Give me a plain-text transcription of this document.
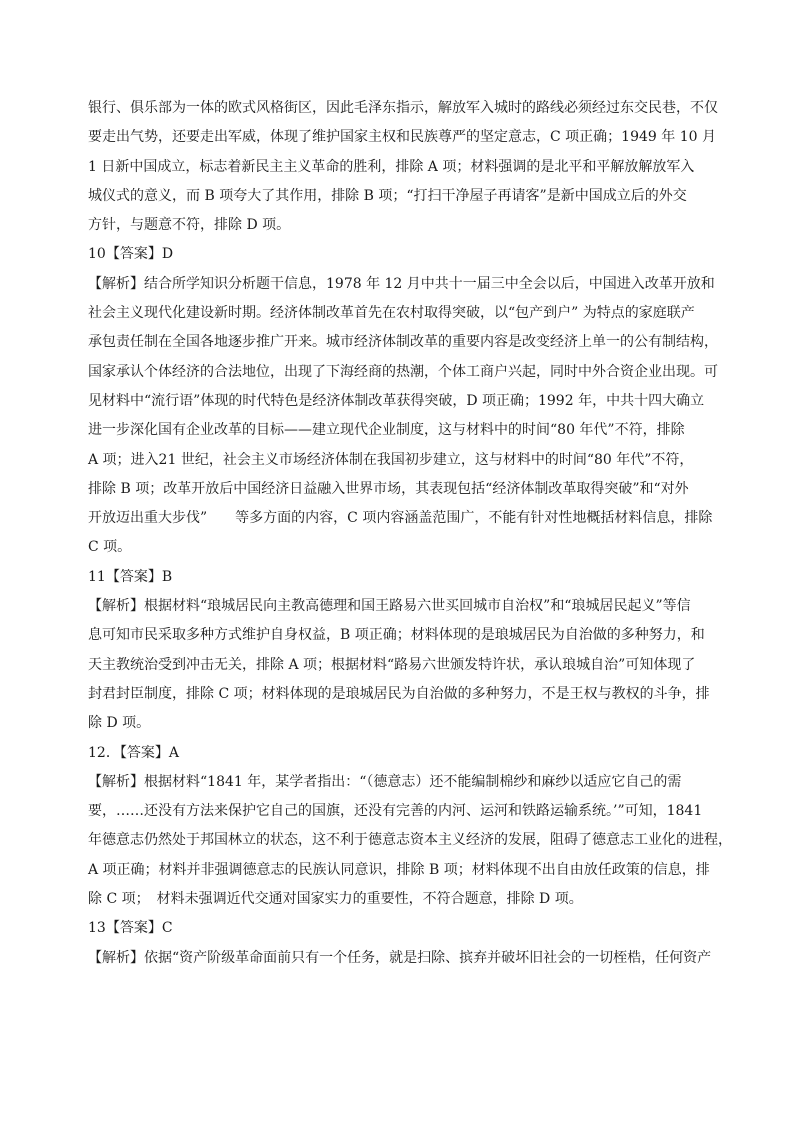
银行、俱乐部为一体的欧式风格街区，因此毛泽东指示，解放军入城时的路线必须经过东交民巷，不仅
要走出气势，还要走出军威，体现了维护国家主权和民族尊严的坚定意志，C 项正确；1949 年 10 月
1 日新中国成立，标志着新民主主义革命的胜利，排除 A 项；材料强调的是北平和平解放解放军入
城仪式的意义，而 B 项夸大了其作用，排除 B 项；“打扫干净屋子再请客”是新中国成立后的外交
方针，与题意不符，排除 D 项。
10【答案】D
【解析】结合所学知识分析题干信息，1978 年 12 月中共十一届三中全会以后，中国进入改革开放和
社会主义现代化建设新时期。经济体制改革首先在农村取得突破，以“包产到户” 为特点的家庭联产
承包责任制在全国各地逐步推广开来。城市经济体制改革的重要内容是改变经济上单一的公有制结构，
国家承认个体经济的合法地位，出现了下海经商的热潮，个体工商户兴起，同时中外合资企业出现。可
见材料中“流行语”体现的时代特色是经济体制改革获得突破，D 项正确；1992 年，中共十四大确立
进一步深化国有企业改革的目标——建立现代企业制度，这与材料中的时间“80 年代”不符，排除
A 项；进入21 世纪，社会主义市场经济体制在我国初步建立，这与材料中的时间“80 年代”不符，
排除 B 项；改革开放后中国经济日益融入世界市场，其表现包括“经济体制改革取得突破”和“对外
开放迈出重大步伐”　　等多方面的内容，C 项内容涵盖范围广，不能有针对性地概括材料信息，排除
C 项。
11【答案】B
【解析】根据材料“琅城居民向主教高德理和国王路易六世买回城市自治权”和“琅城居民起义”等信
息可知市民采取多种方式维护自身权益，B 项正确；材料体现的是琅城居民为自治做的多种努力，和
天主教统治受到冲击无关，排除 A 项；根据材料“路易六世颁发特许状，承认琅城自治”可知体现了
封君封臣制度，排除 C 项；材料体现的是琅城居民为自治做的多种努力，不是王权与教权的斗争，排
除 D 项。
12．【答案】A
【解析】根据材料“1841 年，某学者指出：“（德意志）还不能编制棉纱和麻纱以适应它自己的需
要，……还没有方法来保护它自己的国旗，还没有完善的内河、运河和铁路运输系统。’”可知，1841
年德意志仍然处于邦国林立的状态，这不利于德意志资本主义经济的发展，阻碍了德意志工业化的进程，
A 项正确；材料并非强调德意志的民族认同意识，排除 B 项；材料体现不出自由放任政策的信息，排
除 C 项；　材料未强调近代交通对国家实力的重要性，不符合题意，排除 D 项。
13【答案】C
【解析】依据“资产阶级革命面前只有一个任务，就是扫除、摈弃并破坏旧社会的一切桎梏，任何资产
